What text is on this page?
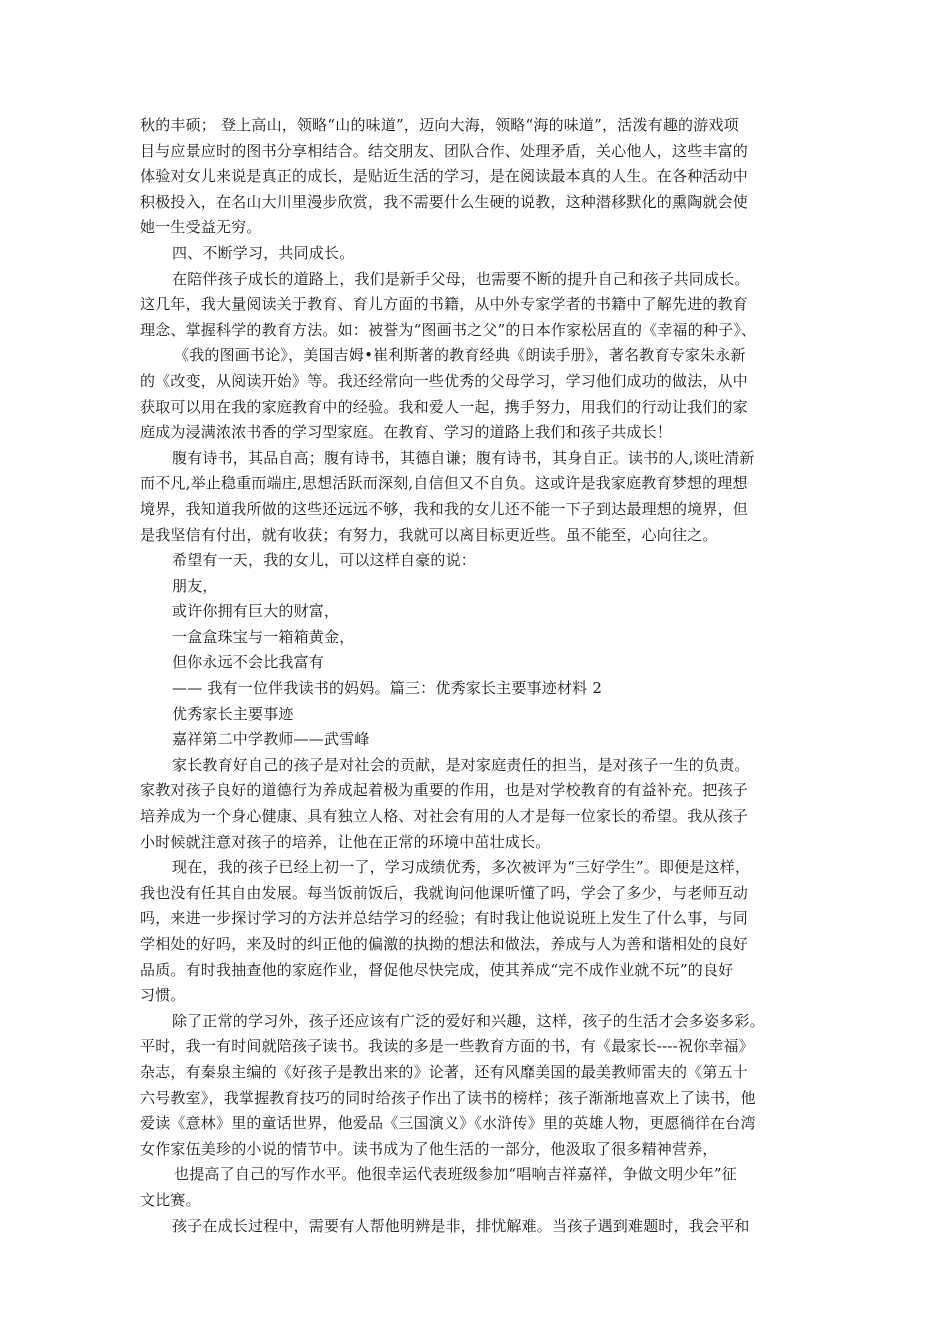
秋的丰硕； 登上高山，领略“山的味道”，迈向大海，领略“海的味道”，活泼有趣的游戏项
目与应景应时的图书分享相结合。结交朋友、团队合作、处理矛盾，关心他人，这些丰富的
体验对女儿来说是真正的成长，是贴近生活的学习，是在阅读最本真的人生。在各种活动中
积极投入，在名山大川里漫步欣赏，我不需要什么生硬的说教，这种潜移默化的熏陶就会使
她一生受益无穷。
四、不断学习，共同成长。
在陪伴孩子成长的道路上，我们是新手父母，也需要不断的提升自己和孩子共同成长。
这几年，我大量阅读关于教育、育儿方面的书籍，从中外专家学者的书籍中了解先进的教育
理念、掌握科学的教育方法。如：被誉为“图画书之父”的日本作家松居直的《幸福的种子》、
《我的图画书论》，美国吉姆•崔利斯著的教育经典《朗读手册》，著名教育专家朱永新
的《改变，从阅读开始》等。我还经常向一些优秀的父母学习，学习他们成功的做法，从中
获取可以用在我的家庭教育中的经验。我和爱人一起，携手努力，用我们的行动让我们的家
庭成为浸满浓浓书香的学习型家庭。在教育、学习的道路上我们和孩子共成长！
腹有诗书，其品自高；腹有诗书，其德自谦；腹有诗书，其身自正。读书的人,谈吐清新
而不凡,举止稳重而端庄,思想活跃而深刻,自信但又不自负。这或许是我家庭教育梦想的理想
境界，我知道我所做的这些还远远不够，我和我的女儿还不能一下子到达最理想的境界，但
是我坚信有付出，就有收获；有努力，我就可以离目标更近些。虽不能至，心向往之。
希望有一天，我的女儿，可以这样自豪的说：
朋友，
或许你拥有巨大的财富，
一盒盒珠宝与一箱箱黄金，
但你永远不会比我富有
—— 我有一位伴我读书的妈妈。篇三：优秀家长主要事迹材料 2
优秀家长主要事迹
嘉祥第二中学教师——武雪峰
家长教育好自己的孩子是对社会的贡献，是对家庭责任的担当，是对孩子一生的负责。
家教对孩子良好的道德行为养成起着极为重要的作用，也是对学校教育的有益补充。把孩子
培养成为一个身心健康、具有独立人格、对社会有用的人才是每一位家长的希望。我从孩子
小时候就注意对孩子的培养，让他在正常的环境中茁壮成长。
现在，我的孩子已经上初一了，学习成绩优秀，多次被评为“三好学生”。即便是这样，
我也没有任其自由发展。每当饭前饭后，我就询问他课听懂了吗，学会了多少，与老师互动
吗，来进一步探讨学习的方法并总结学习的经验；有时我让他说说班上发生了什么事，与同
学相处的好吗，来及时的纠正他的偏激的执拗的想法和做法，养成与人为善和谐相处的良好
品质。有时我抽查他的家庭作业，督促他尽快完成，使其养成“完不成作业就不玩”的良好
习惯。
除了正常的学习外，孩子还应该有广泛的爱好和兴趣，这样，孩子的生活才会多姿多彩。
平时，我一有时间就陪孩子读书。我读的多是一些教育方面的书，有《最家长----祝你幸福》
杂志，有秦泉主编的《好孩子是教出来的》论著，还有风靡美国的最美教师雷夫的《第五十
六号教室》，我掌握教育技巧的同时给孩子作出了读书的榜样；孩子渐渐地喜欢上了读书，他
爱读《意林》里的童话世界，他爱品《三国演义》《水浒传》里的英雄人物，更愿徜徉在台湾
女作家伍美珍的小说的情节中。读书成为了他生活的一部分，他汲取了很多精神营养，
也提高了自己的写作水平。他很幸运代表班级参加“唱响吉祥嘉祥，争做文明少年”征
文比赛。
孩子在成长过程中，需要有人帮他明辨是非，排忧解难。当孩子遇到难题时，我会平和
